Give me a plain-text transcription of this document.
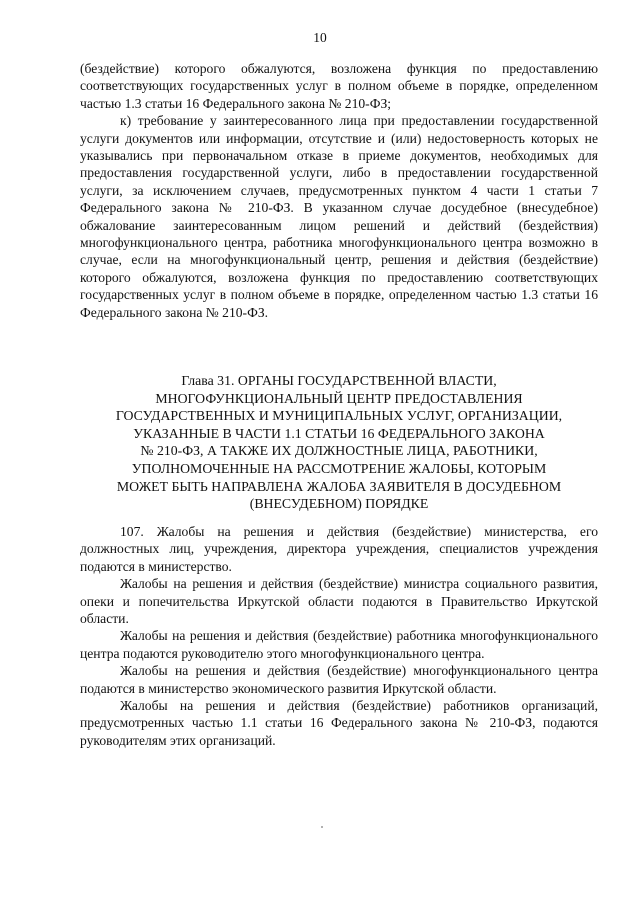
10

(бездействие) которого обжалуются, возложена функция по предоставлению соответствующих государственных услуг в полном объеме в порядке, определенном частью 1.3 статьи 16 Федерального закона № 210-ФЗ;

к) требование у заинтересованного лица при предоставлении государственной услуги документов или информации, отсутствие и (или) недостоверность которых не указывались при первоначальном отказе в приеме документов, необходимых для предоставления государственной услуги, либо в предоставлении государственной услуги, за исключением случаев, предусмотренных пунктом 4 части 1 статьи 7 Федерального закона № 210-ФЗ. В указанном случае досудебное (внесудебное) обжалование заинтересованным лицом решений и действий (бездействия) многофункционального центра, работника многофункционального центра возможно в случае, если на многофункциональный центр, решения и действия (бездействие) которого обжалуются, возложена функция по предоставлению соответствующих государственных услуг в полном объеме в порядке, определенном частью 1.3 статьи 16 Федерального закона № 210-ФЗ.

Глава 31. ОРГАНЫ ГОСУДАРСТВЕННОЙ ВЛАСТИ,
МНОГОФУНКЦИОНАЛЬНЫЙ ЦЕНТР ПРЕДОСТАВЛЕНИЯ
ГОСУДАРСТВЕННЫХ И МУНИЦИПАЛЬНЫХ УСЛУГ, ОРГАНИЗАЦИИ,
УКАЗАННЫЕ В ЧАСТИ 1.1 СТАТЬИ 16 ФЕДЕРАЛЬНОГО ЗАКОНА
№ 210-ФЗ, А ТАКЖЕ ИХ ДОЛЖНОСТНЫЕ ЛИЦА, РАБОТНИКИ,
УПОЛНОМОЧЕННЫЕ НА РАССМОТРЕНИЕ ЖАЛОБЫ, КОТОРЫМ
МОЖЕТ БЫТЬ НАПРАВЛЕНА ЖАЛОБА ЗАЯВИТЕЛЯ В ДОСУДЕБНОМ
(ВНЕСУДЕБНОМ) ПОРЯДКЕ

107. Жалобы на решения и действия (бездействие) министерства, его должностных лиц, учреждения, директора учреждения, специалистов учреждения подаются в министерство.

Жалобы на решения и действия (бездействие) министра социального развития, опеки и попечительства Иркутской области подаются в Правительство Иркутской области.

Жалобы на решения и действия (бездействие) работника многофункционального центра подаются руководителю этого многофункционального центра.

Жалобы на решения и действия (бездействие) многофункционального центра подаются в министерство экономического развития Иркутской области.

Жалобы на решения и действия (бездействие) работников организаций, предусмотренных частью 1.1 статьи 16 Федерального закона № 210-ФЗ, подаются руководителям этих организаций.
